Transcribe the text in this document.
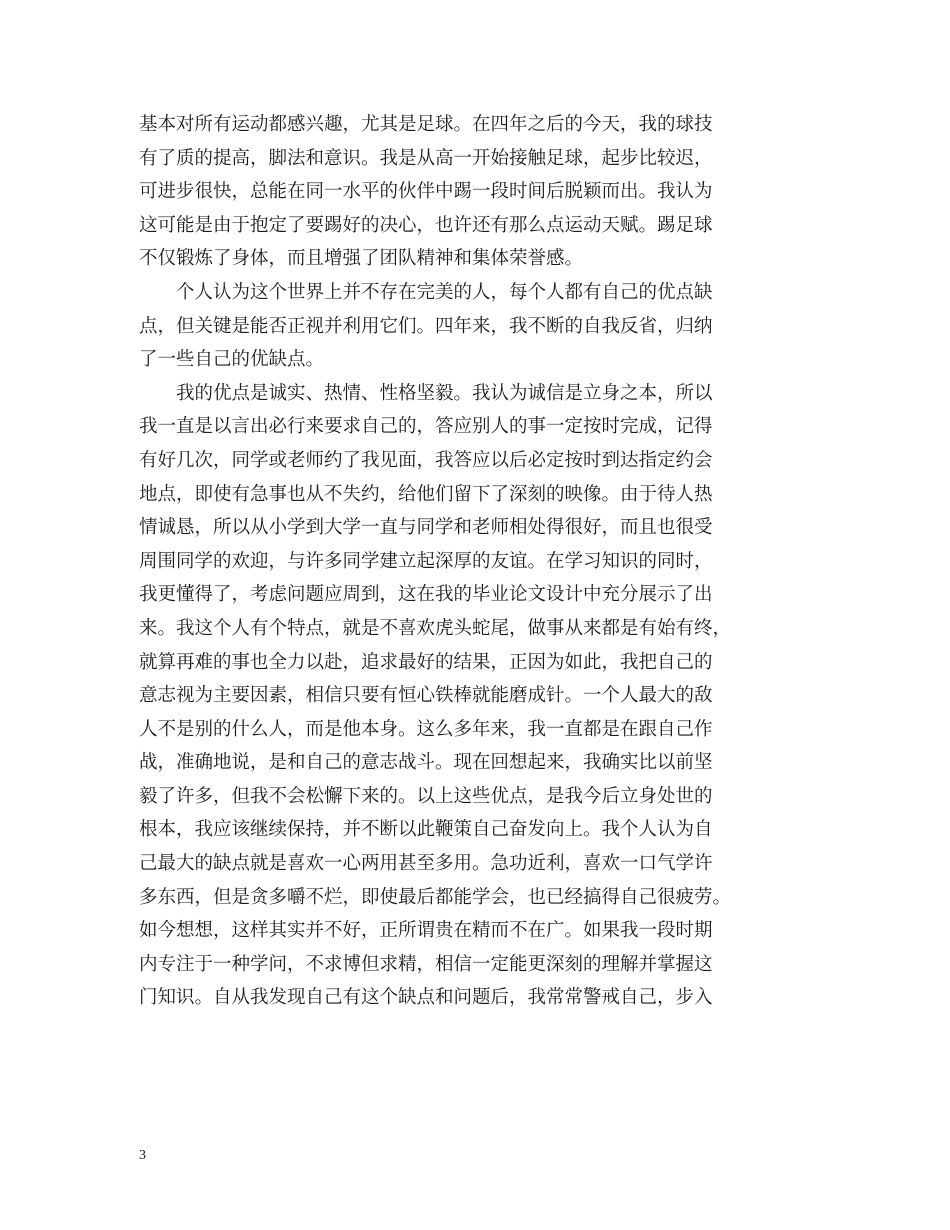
基本对所有运动都感兴趣，尤其是足球。在四年之后的今天，我的球技
有了质的提高，脚法和意识。我是从高一开始接触足球，起步比较迟，
可进步很快，总能在同一水平的伙伴中踢一段时间后脱颖而出。我认为
这可能是由于抱定了要踢好的决心，也许还有那么点运动天赋。踢足球
不仅锻炼了身体，而且增强了团队精神和集体荣誉感。
　　个人认为这个世界上并不存在完美的人，每个人都有自己的优点缺
点，但关键是能否正视并利用它们。四年来，我不断的自我反省，归纳
了一些自己的优缺点。
　　我的优点是诚实、热情、性格坚毅。我认为诚信是立身之本，所以
我一直是以言出必行来要求自己的，答应别人的事一定按时完成，记得
有好几次，同学或老师约了我见面，我答应以后必定按时到达指定约会
地点，即使有急事也从不失约，给他们留下了深刻的映像。由于待人热
情诚恳，所以从小学到大学一直与同学和老师相处得很好，而且也很受
周围同学的欢迎，与许多同学建立起深厚的友谊。在学习知识的同时，
我更懂得了，考虑问题应周到，这在我的毕业论文设计中充分展示了出
来。我这个人有个特点，就是不喜欢虎头蛇尾，做事从来都是有始有终，
就算再难的事也全力以赴，追求最好的结果，正因为如此，我把自己的
意志视为主要因素，相信只要有恒心铁棒就能磨成针。一个人最大的敌
人不是别的什么人，而是他本身。这么多年来，我一直都是在跟自己作
战，准确地说，是和自己的意志战斗。现在回想起来，我确实比以前坚
毅了许多，但我不会松懈下来的。以上这些优点，是我今后立身处世的
根本，我应该继续保持，并不断以此鞭策自己奋发向上。我个人认为自
己最大的缺点就是喜欢一心两用甚至多用。急功近利，喜欢一口气学许
多东西，但是贪多嚼不烂，即使最后都能学会，也已经搞得自己很疲劳。
如今想想，这样其实并不好，正所谓贵在精而不在广。如果我一段时期
内专注于一种学问，不求博但求精，相信一定能更深刻的理解并掌握这
门知识。自从我发现自己有这个缺点和问题后，我常常警戒自己，步入
3
